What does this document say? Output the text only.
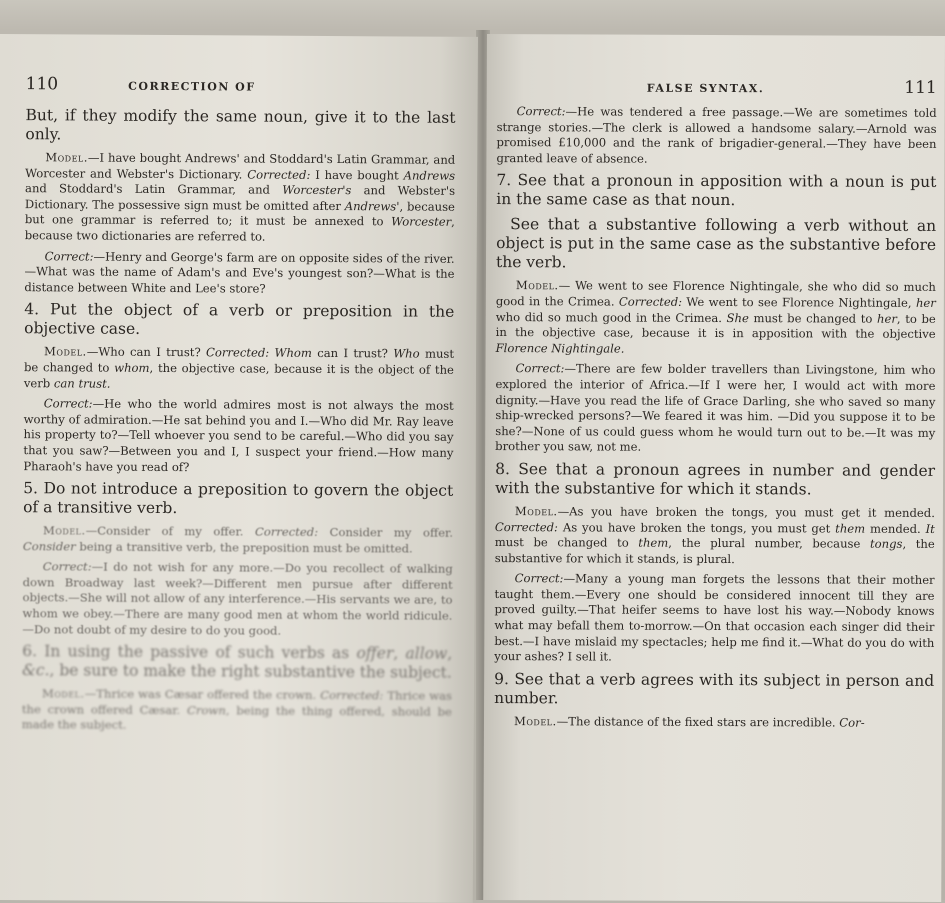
110	CORRECTION OF

But, if they modify the same noun, give it to the last only.

Model.—I have bought Andrews' and Stoddard's Latin Grammar, and Worcester and Webster's Dictionary. Corrected: I have bought Andrews and Stoddard's Latin Grammar, and Worcester's and Webster's Dictionary. The possessive sign must be omitted after Andrews', because but one grammar is referred to; it must be annexed to Worcester, because two dictionaries are referred to.

Correct:—Henry and George's farm are on opposite sides of the river.—What was the name of Adam's and Eve's youngest son?—What is the distance between White and Lee's store?

4. Put the object of a verb or preposition in the objective case.

Model.—Who can I trust? Corrected: Whom can I trust? Who must be changed to whom, the objective case, because it is the object of the verb can trust.

Correct:—He who the world admires most is not always the most worthy of admiration.—He sat behind you and I.—Who did Mr. Ray leave his property to?—Tell whoever you send to be careful.—Who did you say that you saw?—Between you and I, I suspect your friend.—How many Pharaoh's have you read of?

5. Do not introduce a preposition to govern the object of a transitive verb.

Model.—Consider of my offer. Corrected: Consider my offer. Consider being a transitive verb, the preposition must be omitted.

Correct:—I do not wish for any more.—Do you recollect of walking down Broadway last week?—Different men pursue after different objects.—She will not allow of any interference.—His servants we are, to whom we obey.—There are many good men at whom the world ridicule.—Do not doubt of my desire to do you good.

6. In using the passive of such verbs as offer, allow, &c., be sure to make the right substantive the subject.

Model.—Thrice was Cæsar offered the crown. Corrected: Thrice was the crown offered Cæsar. Crown, being the thing offered, should be made the subject.

FALSE SYNTAX.	111

Correct:—He was tendered a free passage.—We are sometimes told strange stories.—The clerk is allowed a handsome salary.—Arnold was promised £10,000 and the rank of brigadier-general.—They have been granted leave of absence.

7. See that a pronoun in apposition with a noun is put in the same case as that noun.

See that a substantive following a verb without an object is put in the same case as the substantive before the verb.

Model.— We went to see Florence Nightingale, she who did so much good in the Crimea. Corrected: We went to see Florence Nightingale, her who did so much good in the Crimea. She must be changed to her, to be in the objective case, because it is in apposition with the objective Florence Nightingale.

Correct:—There are few bolder travellers than Livingstone, him who explored the interior of Africa.—If I were her, I would act with more dignity.—Have you read the life of Grace Darling, she who saved so many ship-wrecked persons?—We feared it was him. —Did you suppose it to be she?—None of us could guess whom he would turn out to be.—It was my brother you saw, not me.

8. See that a pronoun agrees in number and gender with the substantive for which it stands.

Model.—As you have broken the tongs, you must get it mended. Corrected: As you have broken the tongs, you must get them mended. It must be changed to them, the plural number, because tongs, the substantive for which it stands, is plural.

Correct:—Many a young man forgets the lessons that their mother taught them.—Every one should be considered innocent till they are proved guilty.—That heifer seems to have lost his way.—Nobody knows what may befall them to-morrow.—On that occasion each singer did their best.—I have mislaid my spectacles; help me find it.—What do you do with your ashes? I sell it.

9. See that a verb agrees with its subject in person and number.

Model.—The distance of the fixed stars are incredible. Cor-
